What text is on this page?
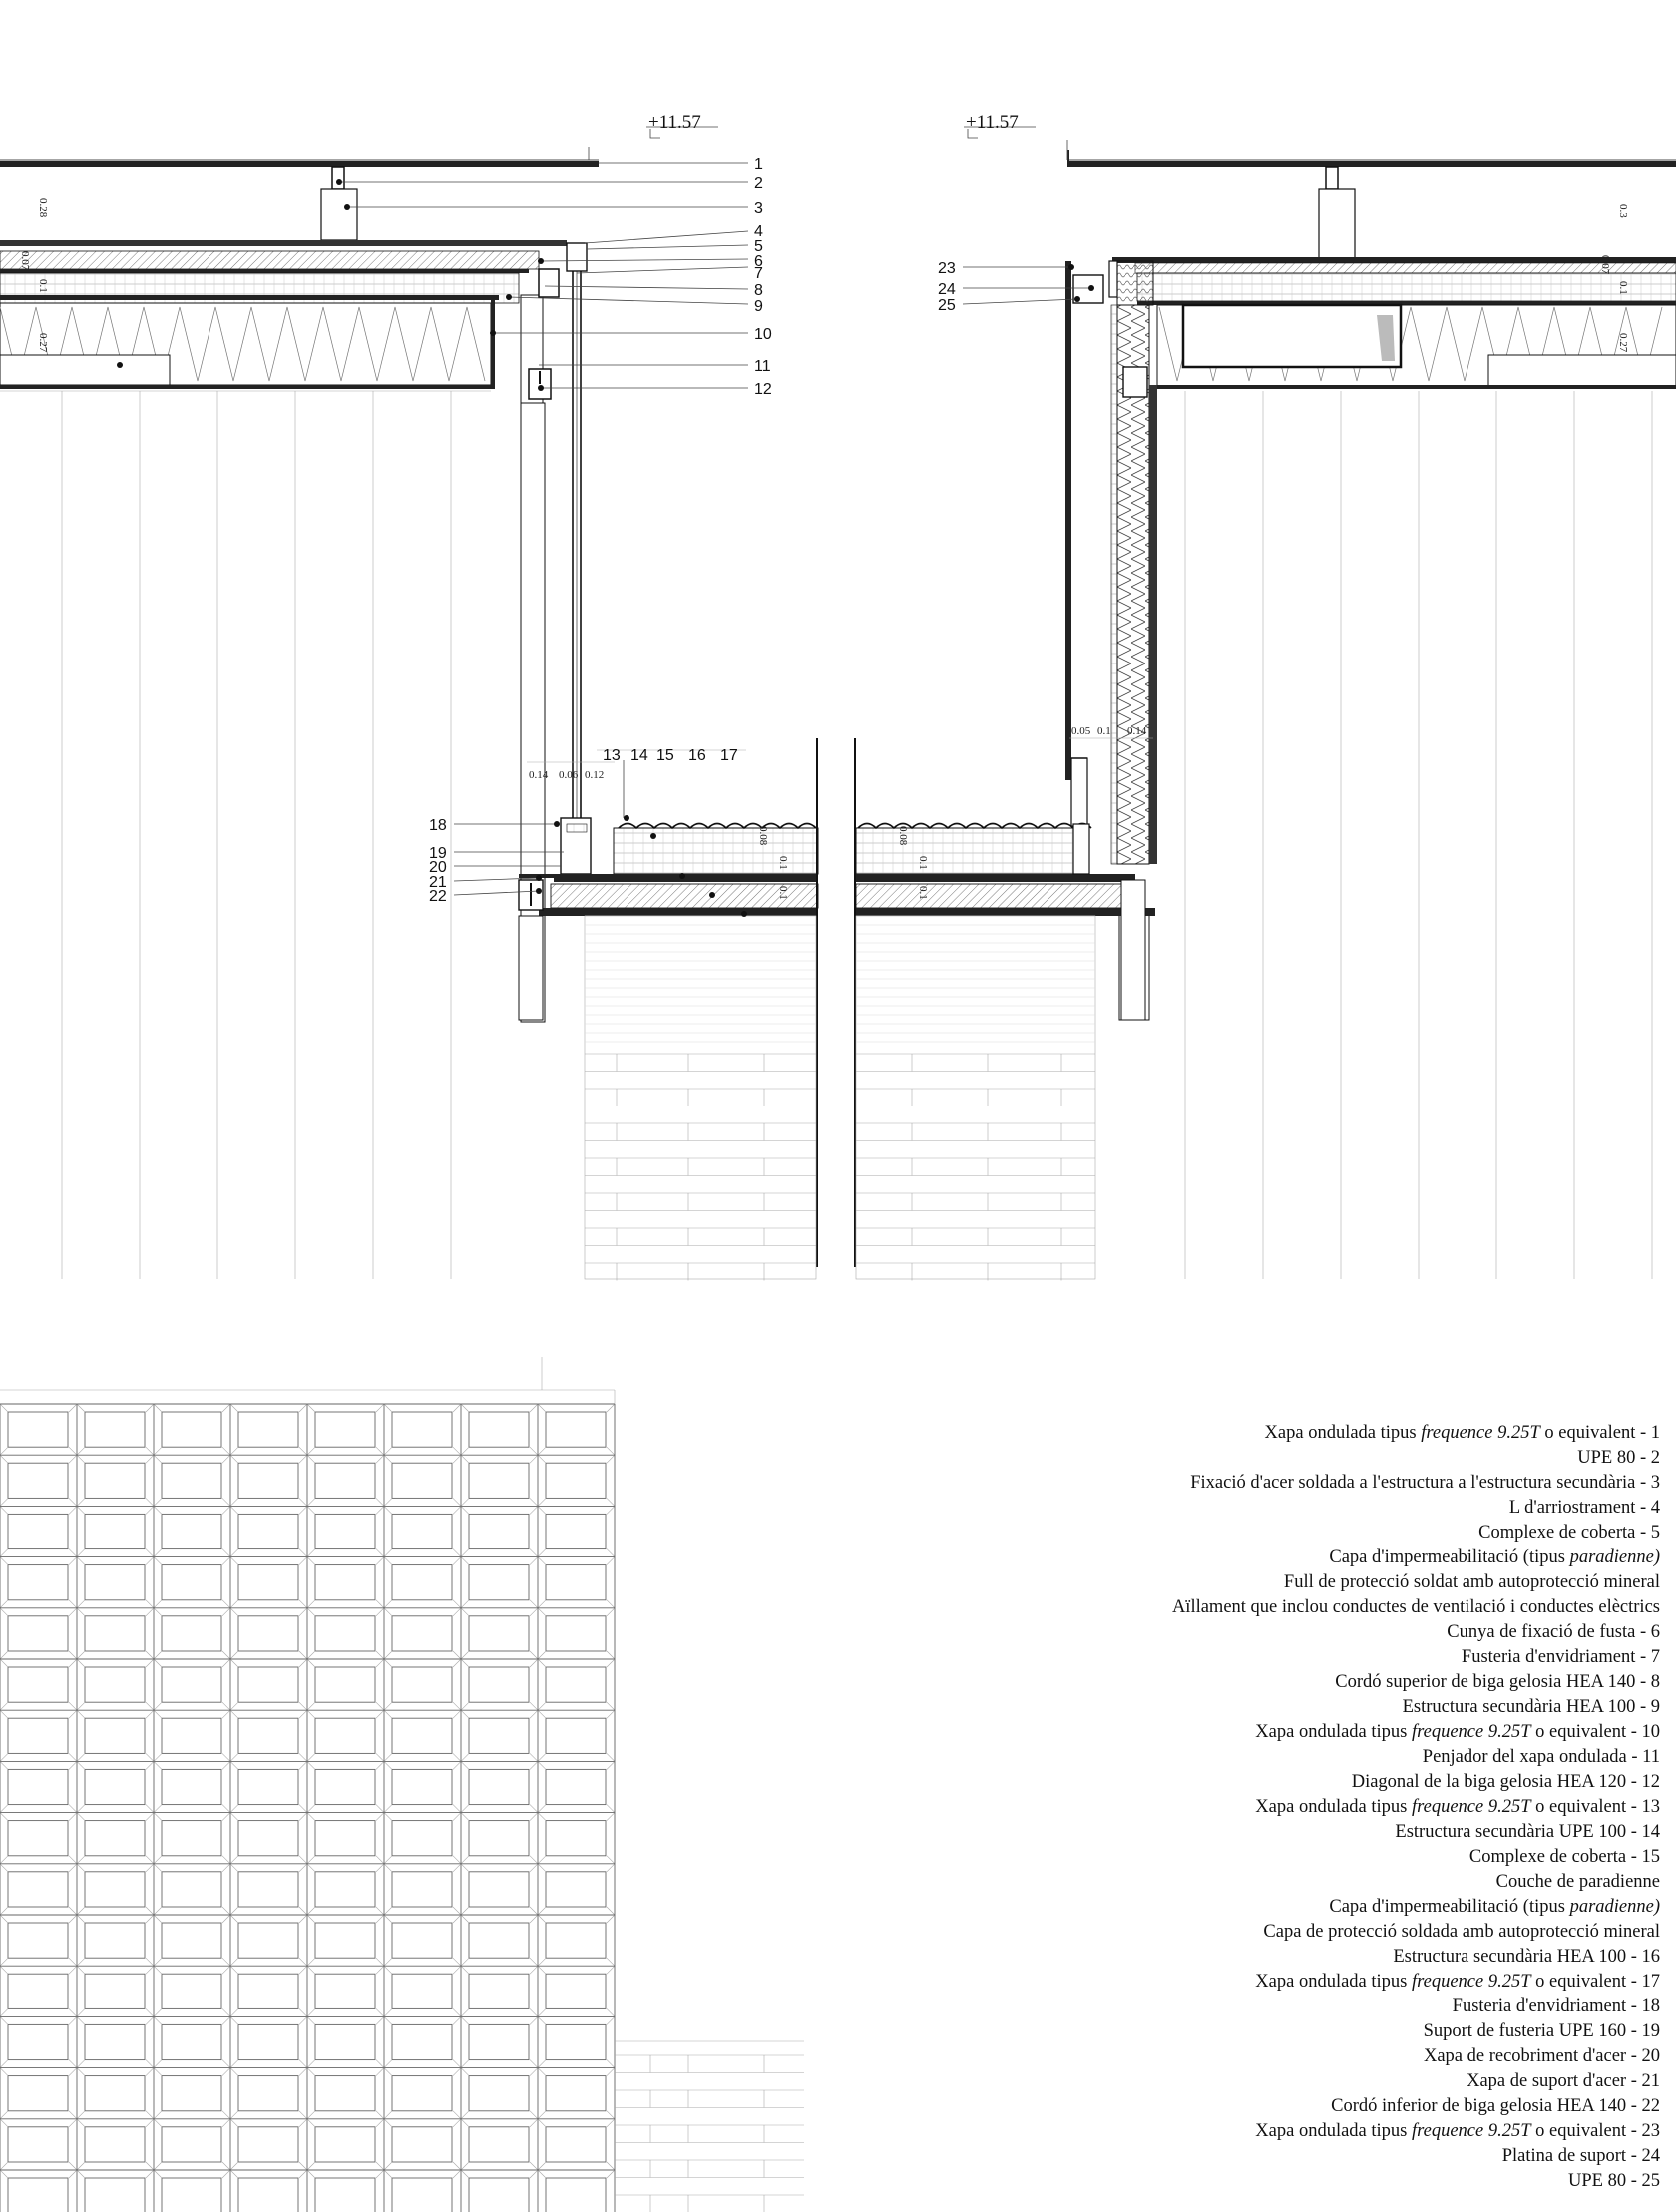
+11.57	+11.57
1
2
3
4
5
6
7
8
9
10
11
12
13 14 15 16 17
18
19
20
21
22
23
24
25
0.28
0.07
0.1
0.27
0.3
0.07
0.1
0.27
0.14 0.06 0.12
0.05 0.1 0.14
0.08
0.1
0.1
0.08
0.1
0.1
Xapa ondulada tipus frequence 9.25T o equivalent - 1
UPE 80 - 2
Fixació d'acer soldada a l'estructura a l'estructura secundària - 3
L d'arriostrament - 4
Complexe de coberta - 5
Capa d'impermeabilitació (tipus paradienne)
Full de protecció soldat amb autoprotecció mineral
Aïllament que inclou conductes de ventilació i conductes elèctrics
Cunya de fixació de fusta - 6
Fusteria d'envidriament - 7
Cordó superior de biga gelosia HEA 140 - 8
Estructura secundària HEA 100 - 9
Xapa ondulada tipus frequence 9.25T o equivalent - 10
Penjador del xapa ondulada - 11
Diagonal de la biga gelosia HEA 120 - 12
Xapa ondulada tipus frequence 9.25T o equivalent - 13
Estructura secundària UPE 100 - 14
Complexe de coberta - 15
Couche de paradienne
Capa d'impermeabilitació (tipus paradienne)
Capa de protecció soldada amb autoprotecció mineral
Estructura secundària HEA 100 - 16
Xapa ondulada tipus frequence 9.25T o equivalent - 17
Fusteria d'envidriament - 18
Suport de fusteria UPE 160 - 19
Xapa de recobriment d'acer - 20
Xapa de suport d'acer - 21
Cordó inferior de biga gelosia HEA 140 - 22
Xapa ondulada tipus frequence 9.25T o equivalent - 23
Platina de suport - 24
UPE 80 - 25
